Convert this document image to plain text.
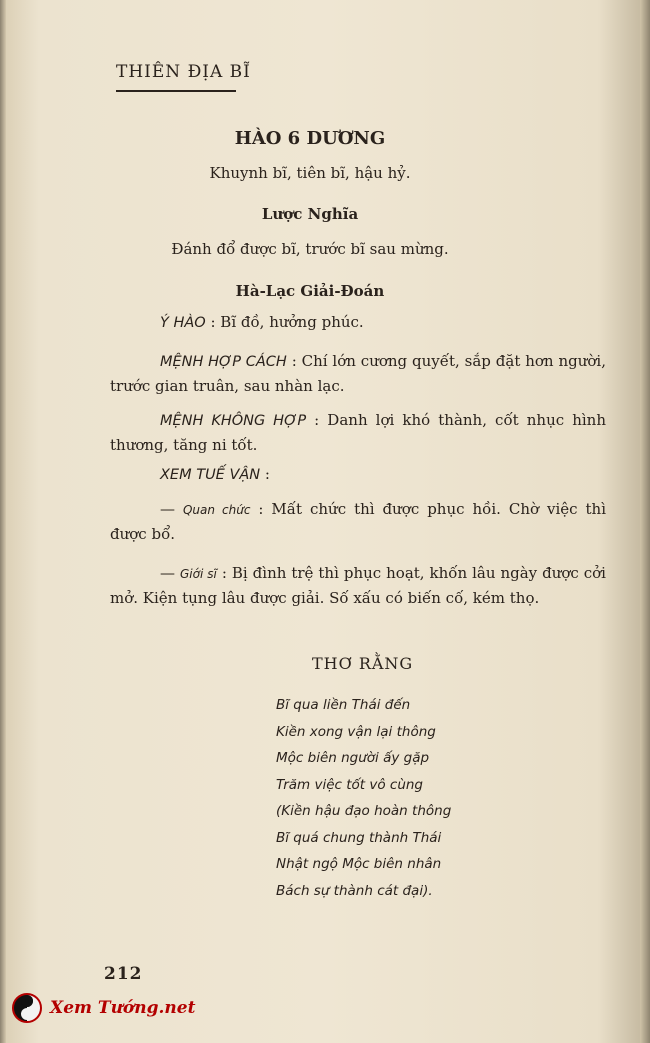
THIÊN ĐỊA BĨ
HÀO 6 DƯƠNG
Khuynh bĩ, tiên bĩ, hậu hỷ.
Lược Nghĩa
Đánh đổ được bĩ, trước bĩ sau mừng.
Hà-Lạc Giải-Đoán
Ý HÀO : Bĩ đồ, hưởng phúc.
MỆNH HỢP CÁCH : Chí lớn cương quyết, sắp đặt hơn người, trước gian truân, sau nhàn lạc.
MỆNH KHÔNG HỢP : Danh lợi khó thành, cốt nhục hình thương, tăng ni tốt.
XEM TUẾ VẬN :
— Quan chức : Mất chức thì được phục hồi. Chờ việc thì được bổ.
— Giới sĩ : Bị đình trệ thì phục hoạt, khốn lâu ngày được cởi mở. Kiện tụng lâu được giải. Số xấu có biến cố, kém thọ.
THƠ RẰNG
Bĩ qua liền Thái đến
Kiền xong vận lại thông
Mộc biên người ấy gặp
Trăm việc tốt vô cùng
(Kiền hậu đạo hoàn thông
Bĩ quá chung thành Thái
Nhật ngộ Mộc biên nhân
Bách sự thành cát đại).
212
Xem Tướng.net
